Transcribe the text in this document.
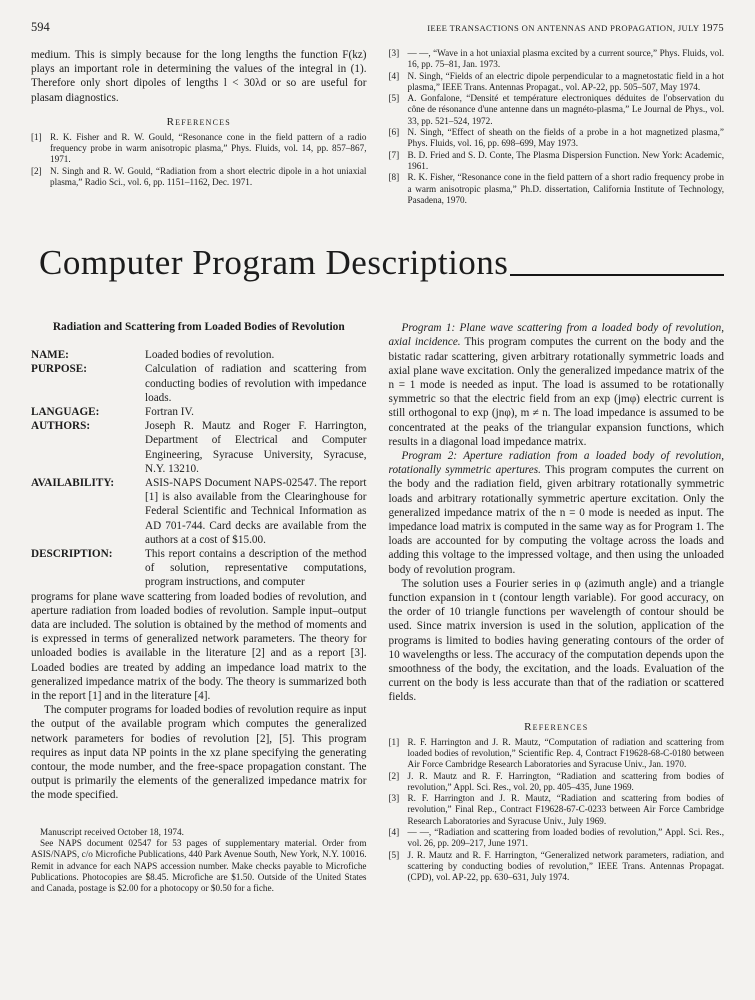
594	IEEE TRANSACTIONS ON ANTENNAS AND PROPAGATION, JULY 1975

medium. This is simply because for the long lengths the function F(kz) plays an important role in determining the values of the integral in (1). Therefore only short dipoles of lengths l < 30λd or so are useful for plasam diagnostics.

References
[1] R. K. Fisher and R. W. Gould, “Resonance cone in the field pattern of a radio frequency probe in warm anisotropic plasma,” Phys. Fluids, vol. 14, pp. 857–867, 1971.
[2] N. Singh and R. W. Gould, “Radiation from a short electric dipole in a hot uniaxial plasma,” Radio Sci., vol. 6, pp. 1151–1162, Dec. 1971.
[3] — —, “Wave in a hot uniaxial plasma excited by a current source,” Phys. Fluids, vol. 16, pp. 75–81, Jan. 1973.
[4] N. Singh, “Fields of an electric dipole perpendicular to a magnetostatic field in a hot plasma,” IEEE Trans. Antennas Propagat., vol. AP-22, pp. 505–507, May 1974.
[5] A. Gonfalone, “Densité et température electroniques déduites de l'observation du cône de résonance d'une antenne dans un magnéto-plasma,” Le Journal de Phys., vol. 33, pp. 521–524, 1972.
[6] N. Singh, “Effect of sheath on the fields of a probe in a hot magnetized plasma,” Phys. Fluids, vol. 16, pp. 698–699, May 1973.
[7] B. D. Fried and S. D. Conte, The Plasma Dispersion Function. New York: Academic, 1961.
[8] R. K. Fisher, “Resonance cone in the field pattern of a short radio frequency probe in a warm anisotropic plasma,” Ph.D. dissertation, California Institute of Technology, Pasadena, 1970.
Computer Program Descriptions
Radiation and Scattering from Loaded Bodies of Revolution
NAME:	Loaded bodies of revolution.
PURPOSE:	Calculation of radiation and scattering from conducting bodies of revolution with impedance loads.
LANGUAGE:	Fortran IV.
AUTHORS:	Joseph R. Mautz and Roger F. Harrington, Department of Electrical and Computer Engineering, Syracuse University, Syracuse, N.Y. 13210.
AVAILABILITY:	ASIS-NAPS Document NAPS-02547. The report [1] is also available from the Clearinghouse for Federal Scientific and Technical Information as AD 701-744. Card decks are available from the authors at a cost of $15.00.
DESCRIPTION:	This report contains a description of the method of solution, representative computations, program instructions, and computer

programs for plane wave scattering from loaded bodies of revolution, and aperture radiation from loaded bodies of revolution. Sample input–output data are included. The solution is obtained by the method of moments and is expressed in terms of generalized network parameters. The theory for unloaded bodies is available in the literature [2] and as a report [3]. Loaded bodies are treated by adding an impedance load matrix to the generalized impedance matrix of the body. The theory is summarized both in the report [1] and in the literature [4].

The computer programs for loaded bodies of revolution require as input the output of the available program which computes the generalized network parameters for bodies of revolution [2], [5]. This program requires as input data NP points in the xz plane specifying the generating contour, the mode number, and the free-space propagation constant. The output is primarily the elements of the generalized impedance matrix for the mode specified.

Manuscript received October 18, 1974.

See NAPS document 02547 for 53 pages of supplementary material. Order from ASIS/NAPS, c/o Microfiche Publications, 440 Park Avenue South, New York, N.Y. 10016. Remit in advance for each NAPS accession number. Make checks payable to Microfiche Publications. Photocopies are $8.45. Microfiche are $1.50. Outside of the United States and Canada, postage is $2.00 for a photocopy or $0.50 for a fiche.

Program 1: Plane wave scattering from a loaded body of revolution, axial incidence. This program computes the current on the body and the bistatic radar scattering, given arbitrary rotationally symmetric loads and axial plane wave excitation. Only the generalized impedance matrix of the n = 1 mode is needed as input. The load is assumed to be rotationally symmetric so that the electric field from an exp (jmφ) electric current is still orthogonal to exp (jnφ), m ≠ n. The load impedance is assumed to be concentrated at the peaks of the triangular expansion functions, which results in a diagonal load impedance matrix.

Program 2: Aperture radiation from a loaded body of revolution, rotationally symmetric apertures. This program computes the current on the body and the radiation field, given arbitrary rotationally symmetric loads and arbitrary rotationally symmetric aperture excitation. Only the generalized impedance matrix of the n = 0 mode is needed as input. The impedance load matrix is computed in the same way as for Program 1. The loads are accounted for by computing the voltage across the loads and adding this voltage to the impressed voltage, and then using the unloaded body of revolution program.

The solution uses a Fourier series in φ (azimuth angle) and a triangle function expansion in t (contour length variable). For good accuracy, on the order of 10 triangle functions per wavelength of contour should be used. Since matrix inversion is used in the solution, application of the programs is limited to bodies having generating contours of the order of 10 wavelengths or less. The accuracy of the computation depends upon the smoothness of the body, the excitation, and the loads. Evaluation of the current on the body is less accurate than that of the radiation or scattered fields.

References
[1] R. F. Harrington and J. R. Mautz, “Computation of radiation and scattering from loaded bodies of revolution,” Scientific Rep. 4, Contract F19628-68-C-0180 between Air Force Cambridge Research Laboratories and Syracuse Univ., Jan. 1970.
[2] J. R. Mautz and R. F. Harrington, “Radiation and scattering from bodies of revolution,” Appl. Sci. Res., vol. 20, pp. 405–435, June 1969.
[3] R. F. Harrington and J. R. Mautz, “Radiation and scattering from bodies of revolution,” Final Rep., Contract F19628-67-C-0233 between Air Force Cambridge Research Laboratories and Syracuse Univ., July 1969.
[4] — —, “Radiation and scattering from loaded bodies of revolution,” Appl. Sci. Res., vol. 26, pp. 209–217, June 1971.
[5] J. R. Mautz and R. F. Harrington, “Generalized network parameters, radiation, and scattering by conducting bodies of revolution,” IEEE Trans. Antennas Propagat. (CPD), vol. AP-22, pp. 630–631, July 1974.
